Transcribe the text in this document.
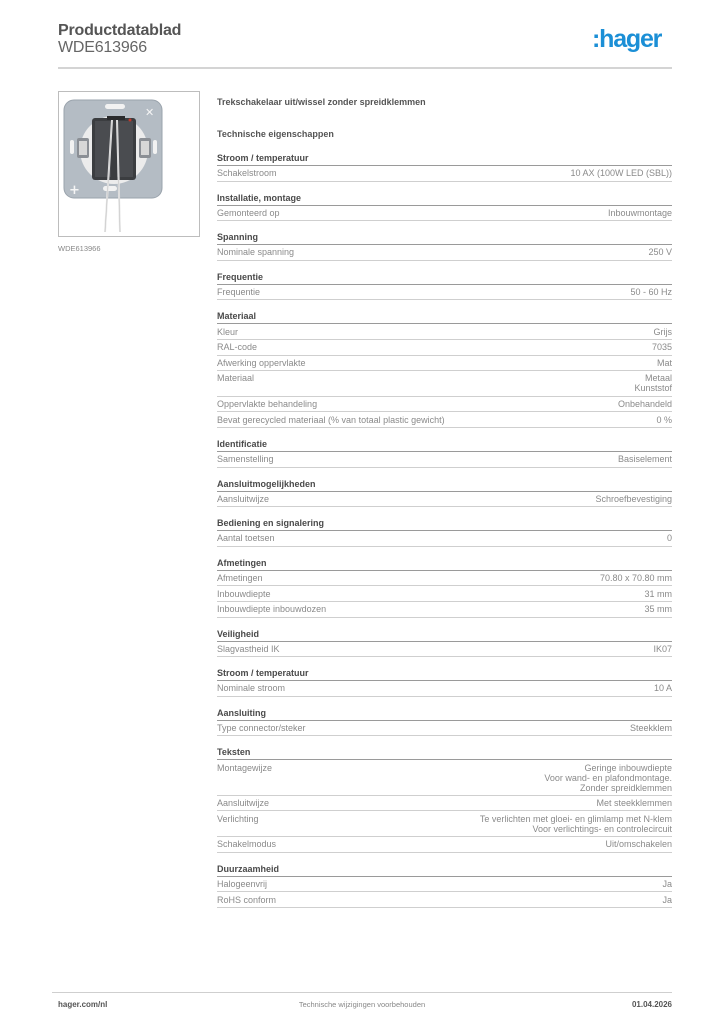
Productdatablad
WDE613966	:hager
✕
+
WDE613966
Trekschakelaar uit/wissel zonder spreidklemmen
Technische eigenschappen
Stroom / temperatuur
Schakelstroom	10 AX (100W LED (SBL))
Installatie, montage
Gemonteerd op	Inbouwmontage
Spanning
Nominale spanning	250 V
Frequentie
Frequentie	50 - 60 Hz
Materiaal
Kleur	Grijs
RAL-code	7035
Afwerking oppervlakte	Mat
Materiaal	Metaal
Kunststof
Oppervlakte behandeling	Onbehandeld
Bevat gerecycled materiaal (% van totaal plastic gewicht)	0 %
Identificatie
Samenstelling	Basiselement
Aansluitmogelijkheden
Aansluitwijze	Schroefbevestiging
Bediening en signalering
Aantal toetsen	0
Afmetingen
Afmetingen	70.80 x 70.80 mm
Inbouwdiepte	31 mm
Inbouwdiepte inbouwdozen	35 mm
Veiligheid
Slagvastheid IK	IK07
Stroom / temperatuur
Nominale stroom	10 A
Aansluiting
Type connector/steker	Steekklem
Teksten
Montagewijze	Geringe inbouwdiepte
Voor wand- en plafondmontage.
Zonder spreidklemmen
Aansluitwijze	Met steekklemmen
Verlichting	Te verlichten met gloei- en glimlamp met N-klem
Voor verlichtings- en controlecircuit
Schakelmodus	Uit/omschakelen
Duurzaamheid
Halogeenvrij	Ja
RoHS conform	Ja
hager.com/nl	Technische wijzigingen voorbehouden	01.04.2026
